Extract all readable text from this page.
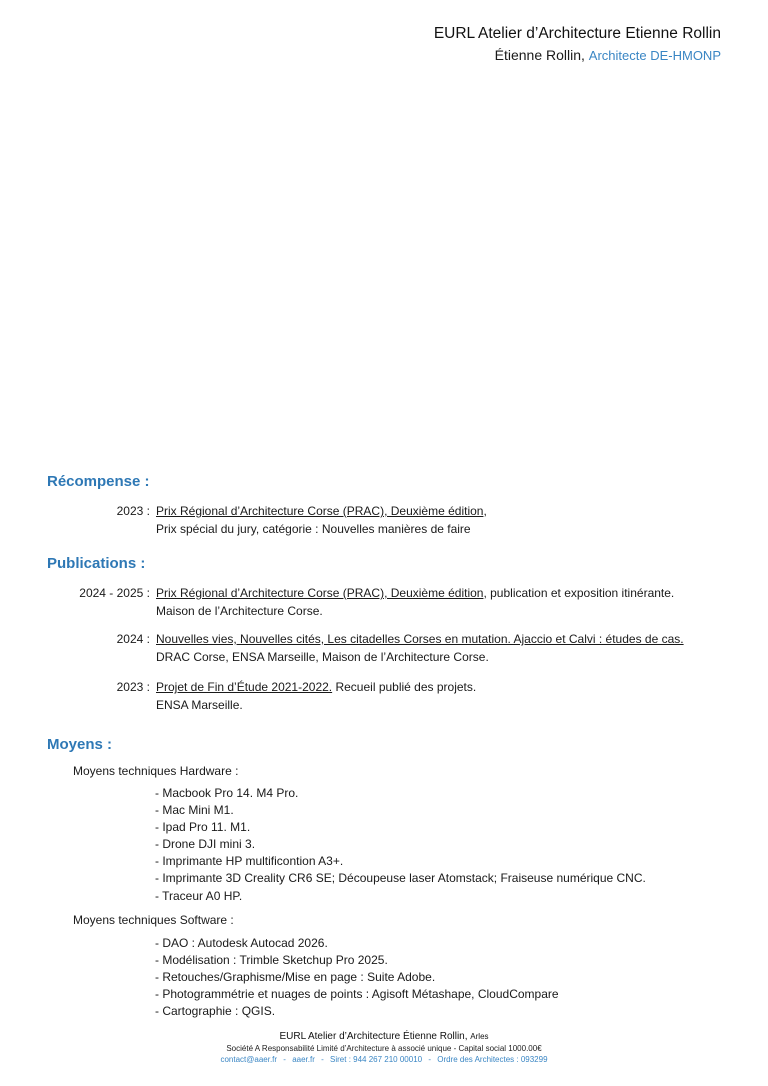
EURL Atelier d’Architecture Etienne Rollin
Étienne Rollin, Architecte DE-HMONP
Récompense :
2023 : Prix Régional d’Architecture Corse (PRAC), Deuxième édition,
Prix spécial du jury, catégorie : Nouvelles manières de faire
Publications :
2024 - 2025 : Prix Régional d’Architecture Corse (PRAC), Deuxième édition, publication et exposition itinérante.
Maison de l’Architecture Corse.
2024 : Nouvelles vies, Nouvelles cités, Les citadelles Corses en mutation. Ajaccio et Calvi : études de cas.
DRAC Corse, ENSA Marseille, Maison de l’Architecture Corse.
2023 : Projet de Fin d’Étude 2021-2022. Recueil publié des projets.
ENSA Marseille.
Moyens :
Moyens techniques Hardware :
- Macbook Pro 14. M4 Pro.
- Mac Mini M1.
- Ipad Pro 11. M1.
- Drone DJI mini 3.
- Imprimante HP multificontion A3+.
- Imprimante 3D Creality CR6 SE; Découpeuse laser Atomstack; Fraiseuse numérique CNC.
- Traceur A0 HP.
Moyens techniques Software :
- DAO : Autodesk Autocad 2026.
- Modélisation : Trimble Sketchup Pro 2025.
- Retouches/Graphisme/Mise en page : Suite Adobe.
- Photogrammétrie et nuages de points : Agisoft Métashape, CloudCompare
- Cartographie : QGIS.
EURL Atelier d’Architecture Étienne Rollin, Arles
Société A Responsabilité Limité d’Architecture à associé unique - Capital social 1000.00€
contact@aaer.fr - aaer.fr - Siret : 944 267 210 00010 - Ordre des Architectes : 093299
